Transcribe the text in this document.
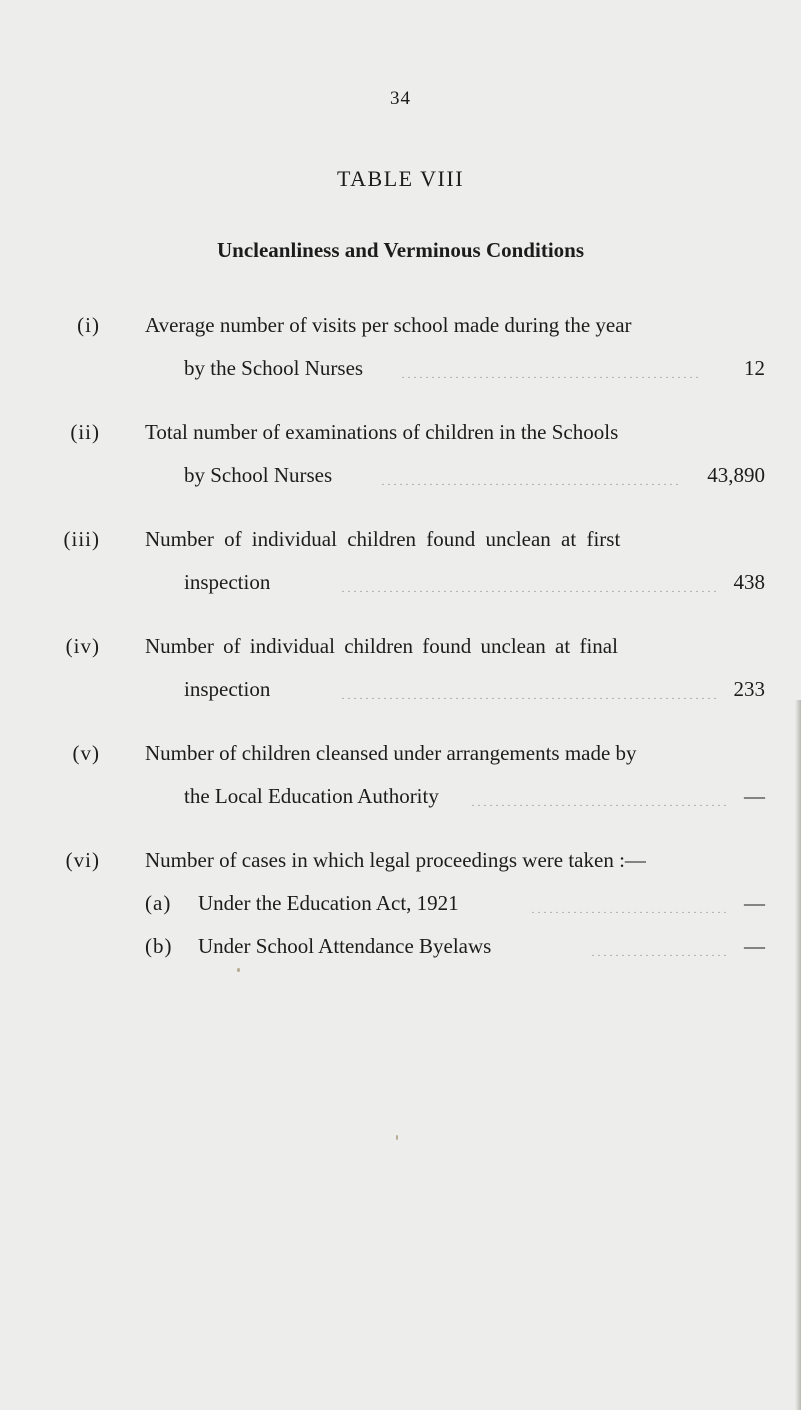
34
TABLE VIII
Uncleanliness and Verminous Conditions
(i) Average number of visits per school made during the year
by the School Nurses	12
(ii) Total number of examinations of children in the Schools
by School Nurses	43,890
(iii) Number of individual children found unclean at first
inspection	438
(iv) Number of individual children found unclean at final
inspection	233
(v) Number of children cleansed under arrangements made by
the Local Education Authority	—
(vi) Number of cases in which legal proceedings were taken :—
(a) Under the Education Act, 1921	—
(b) Under School Attendance Byelaws	—
